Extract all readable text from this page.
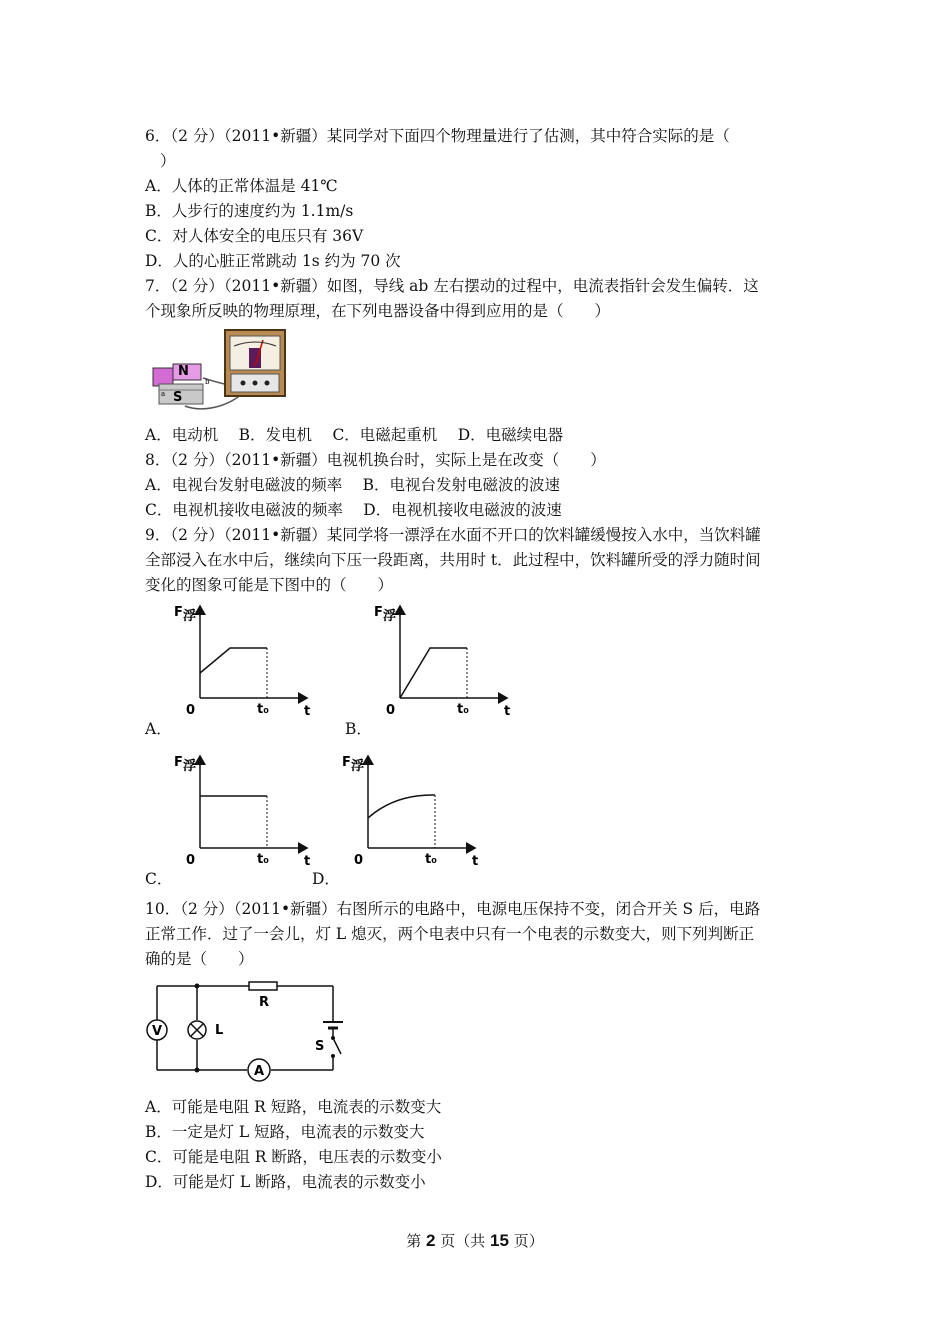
6．（2 分）（2011•新疆）某同学对下面四个物理量进行了估测，其中符合实际的是（
）
A．人体的正常体温是 41℃
B．人步行的速度约为 1.1m/s
C．对人体安全的电压只有 36V
D．人的心脏正常跳动 1s 约为 70 次
7．（2 分）（2011•新疆）如图，导线 ab 左右摆动的过程中，电流表指针会发生偏转．这
个现象所反映的物理原理，在下列电器设备中得到应用的是（　　）
N
S
a
b
A．电动机　 B．发电机　 C．电磁起重机　 D．电磁续电器
8．（2 分）（2011•新疆）电视机换台时，实际上是在改变（　　）
A．电视台发射电磁波的频率　 B．电视台发射电磁波的波速
C．电视机接收电磁波的频率　 D．电视机接收电磁波的波速
9．（2 分）（2011•新疆）某同学将一漂浮在水面不开口的饮料罐缓慢按入水中，当饮料罐
全部浸入在水中后，继续向下压一段距离，共用时 t．此过程中，饮料罐所受的浮力随时间
变化的图象可能是下图中的（　　）
F 浮
0	t₀	t
A．
F 浮
0	t₀	t
B．
F 浮
0	t₀	t
C．
F 浮
0	t₀	t
D．
10．（2 分）（2011•新疆）右图所示的电路中，电源电压保持不变，闭合开关 S 后，电路
正常工作．过了一会儿，灯 L 熄灭，两个电表中只有一个电表的示数变大，则下列判断正
确的是（　　）
R
L
S
V
A
A．可能是电阻 R 短路，电流表的示数变大
B．一定是灯 L 短路，电流表的示数变大
C．可能是电阻 R 断路，电压表的示数变小
D．可能是灯 L 断路，电流表的示数变小
第 2 页（共 15 页）
